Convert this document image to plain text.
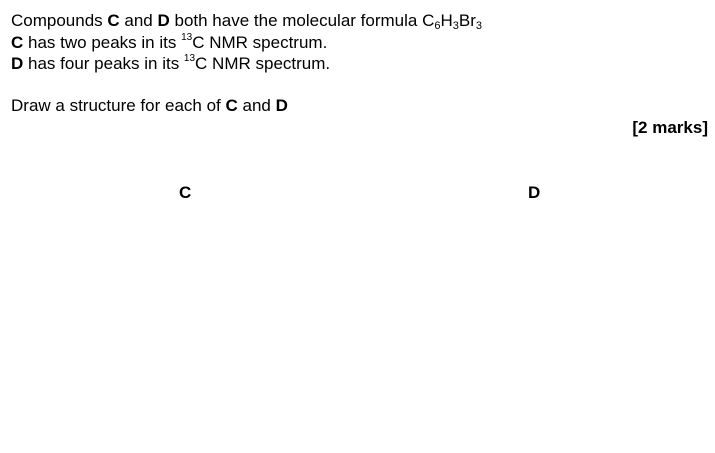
Compounds C and D both have the molecular formula $C_6H_3Br_3$
C has two peaks in its $^{13}$C NMR spectrum.
D has four peaks in its $^{13}$C NMR spectrum.
Draw a structure for each of C and D
[2 marks]
C	D
